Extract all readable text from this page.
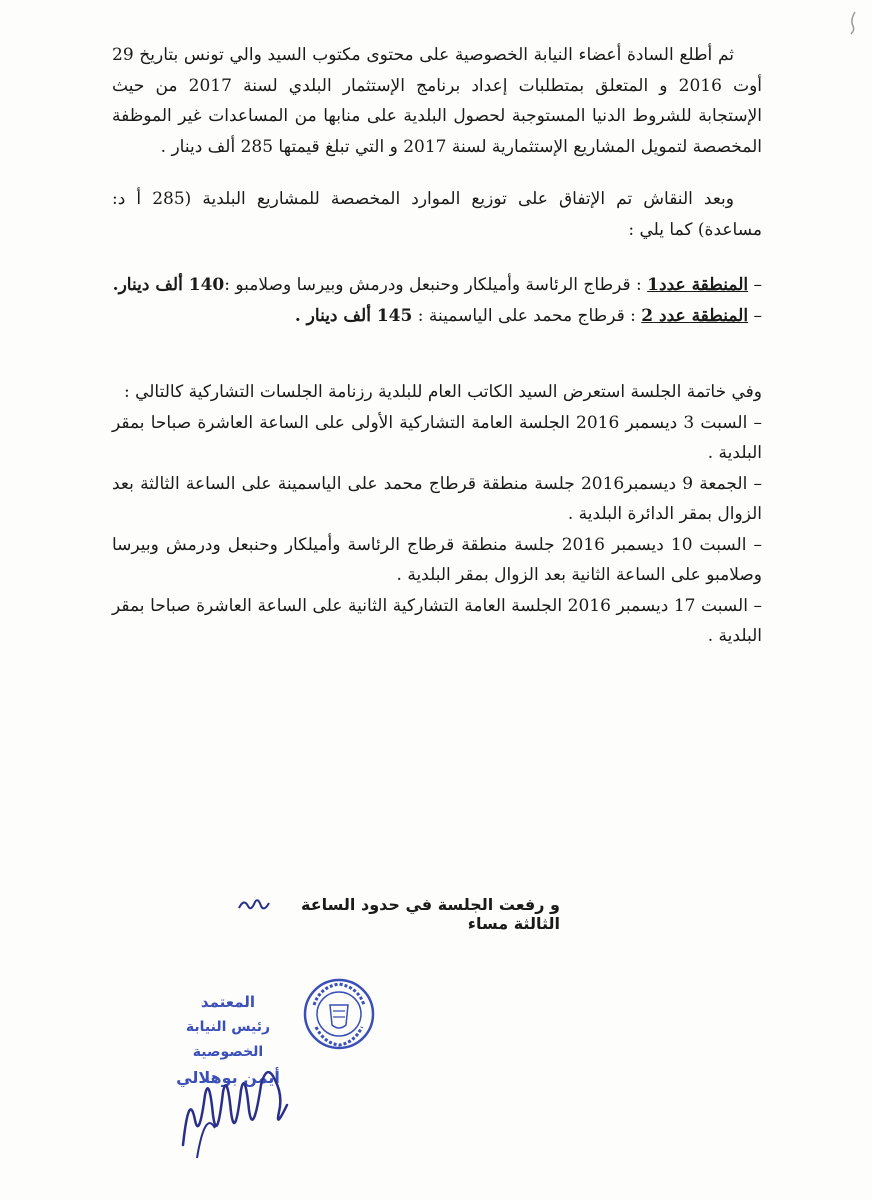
ثم أطلع السادة أعضاء النيابة الخصوصية على محتوى مكتوب السيد والي تونس بتاريخ 29 أوت 2016 و المتعلق بمتطلبات إعداد برنامج الإستثمار البلدي لسنة 2017 من حيث الإستجابة للشروط الدنيا المستوجبة لحصول البلدية على منابها من المساعدات غير الموظفة المخصصة لتمويل المشاريع الإستثمارية لسنة 2017 و التي تبلغ قيمتها 285 ألف دينار .

وبعد النقاش تم الإتفاق على توزيع الموارد المخصصة للمشاريع البلدية (285 أ د: مساعدة) كما يلي :

– المنطقة عدد1 : قرطاج الرئاسة وأميلكار وحنبعل ودرمش وبيرسا وصلامبو :140 ألف دينار.

– المنطقة عدد 2 : قرطاج محمد على الياسمينة : 145 ألف دينار .

وفي خاتمة الجلسة استعرض السيد الكاتب العام للبلدية رزنامة الجلسات التشاركية كالتالي :

– السبت 3 ديسمبر 2016 الجلسة العامة التشاركية الأولى على الساعة العاشرة صباحا بمقر البلدية .

– الجمعة 9 ديسمبر2016 جلسة منطقة قرطاج محمد على الياسمينة على الساعة الثالثة بعد الزوال بمقر الدائرة البلدية .

– السبت 10 ديسمبر 2016 جلسة منطقة قرطاج الرئاسة وأميلكار وحنبعل ودرمش وبيرسا وصلامبو على الساعة الثانية بعد الزوال بمقر البلدية .

– السبت 17 ديسمبر 2016 الجلسة العامة التشاركية الثانية على الساعة العاشرة صباحا بمقر البلدية .

و رفعت الجلسة في حدود الساعة الثالثة مساء
المعتمد
رئيس النيابة الخصوصية
أيمن بوهلالي
